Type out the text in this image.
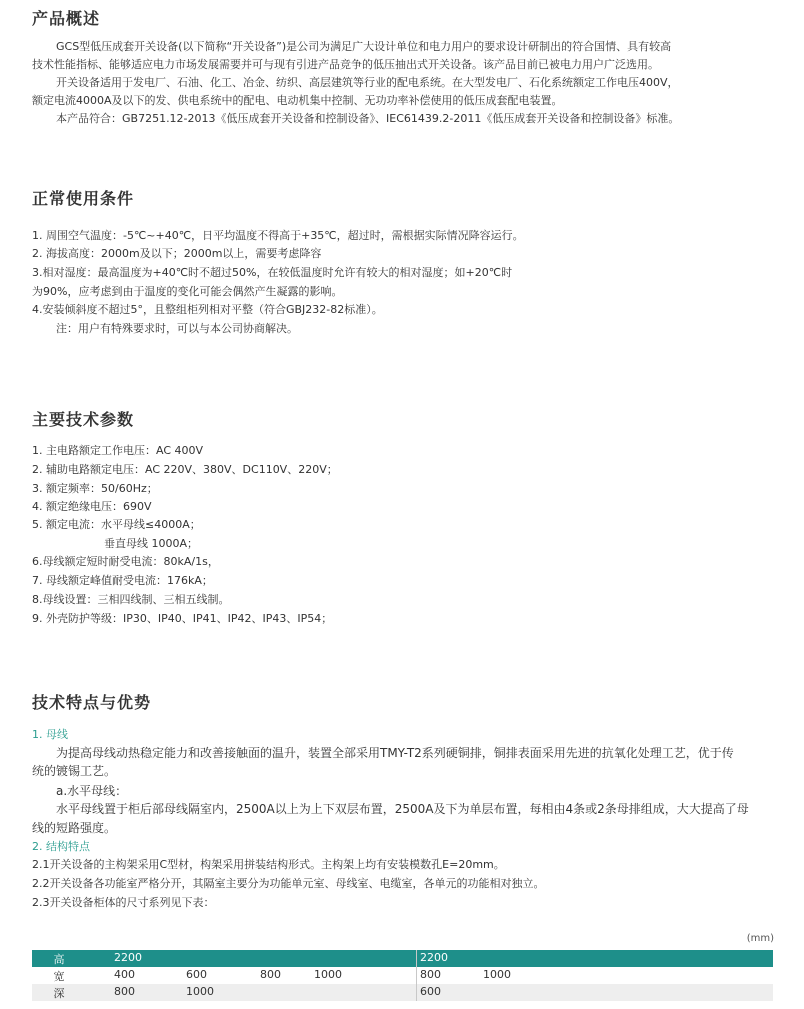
产品概述

GCS型低压成套开关设备(以下简称“开关设备”)是公司为满足广大设计单位和电力用户的要求设计研制出的符合国情、具有较高

技术性能指标、能够适应电力市场发展需要并可与现有引进产品竞争的低压抽出式开关设备。该产品目前已被电力用户广泛选用。

开关设备适用于发电厂、石油、化工、冶金、纺织、高层建筑等行业的配电系统。在大型发电厂、石化系统额定工作电压400V，

额定电流4000A及以下的发、供电系统中的配电、电动机集中控制、无功功率补偿使用的低压成套配电装置。

本产品符合：GB7251.12-2013《低压成套开关设备和控制设备》、IEC61439.2-2011《低压成套开关设备和控制设备》标准。

正常使用条件

1. 周围空气温度：-5℃~+40℃，日平均温度不得高于+35℃，超过时，需根据实际情况降容运行。

2. 海拔高度：2000m及以下；2000m以上，需要考虑降容

3.相对湿度：最高温度为+40℃时不超过50%，在较低温度时允许有较大的相对湿度；如+20℃时

为90%，应考虑到由于温度的变化可能会偶然产生凝露的影响。

4.安装倾斜度不超过5°，且整组柜列相对平整（符合GBJ232-82标准）。

注：用户有特殊要求时，可以与本公司协商解决。

主要技术参数

1. 主电路额定工作电压：AC 400V

2. 辅助电路额定电压：AC 220V、380V、DC110V、220V；

3. 额定频率：50/60Hz；

4. 额定绝缘电压：690V

5. 额定电流：水平母线≤4000A；

垂直母线 1000A；

6.母线额定短时耐受电流：80kA/1s，

7. 母线额定峰值耐受电流：176kA；

8.母线设置：三相四线制、三相五线制。

9. 外壳防护等级：IP30、IP40、IP41、IP42、IP43、IP54；

技术特点与优势

1. 母线

为提高母线动热稳定能力和改善接触面的温升，装置全部采用TMY-T2系列硬铜排，铜排表面采用先进的抗氧化处理工艺，优于传

统的镀锡工艺。

a.水平母线：

水平母线置于柜后部母线隔室内，2500A以上为上下双层布置，2500A及下为单层布置，每相由4条或2条母排组成，大大提高了母

线的短路强度。

2. 结构特点

2.1开关设备的主构架采用C型材，构架采用拼装结构形式。主构架上均有安装模数孔E=20mm。

2.2开关设备各功能室严格分开，其隔室主要分为功能单元室、母线室、电缆室，各单元的功能相对独立。

2.3开关设备柜体的尺寸系列见下表：

(mm)
高	2200		2200

宽	400 600 800 1000		800 1000

深	800 1000		600
